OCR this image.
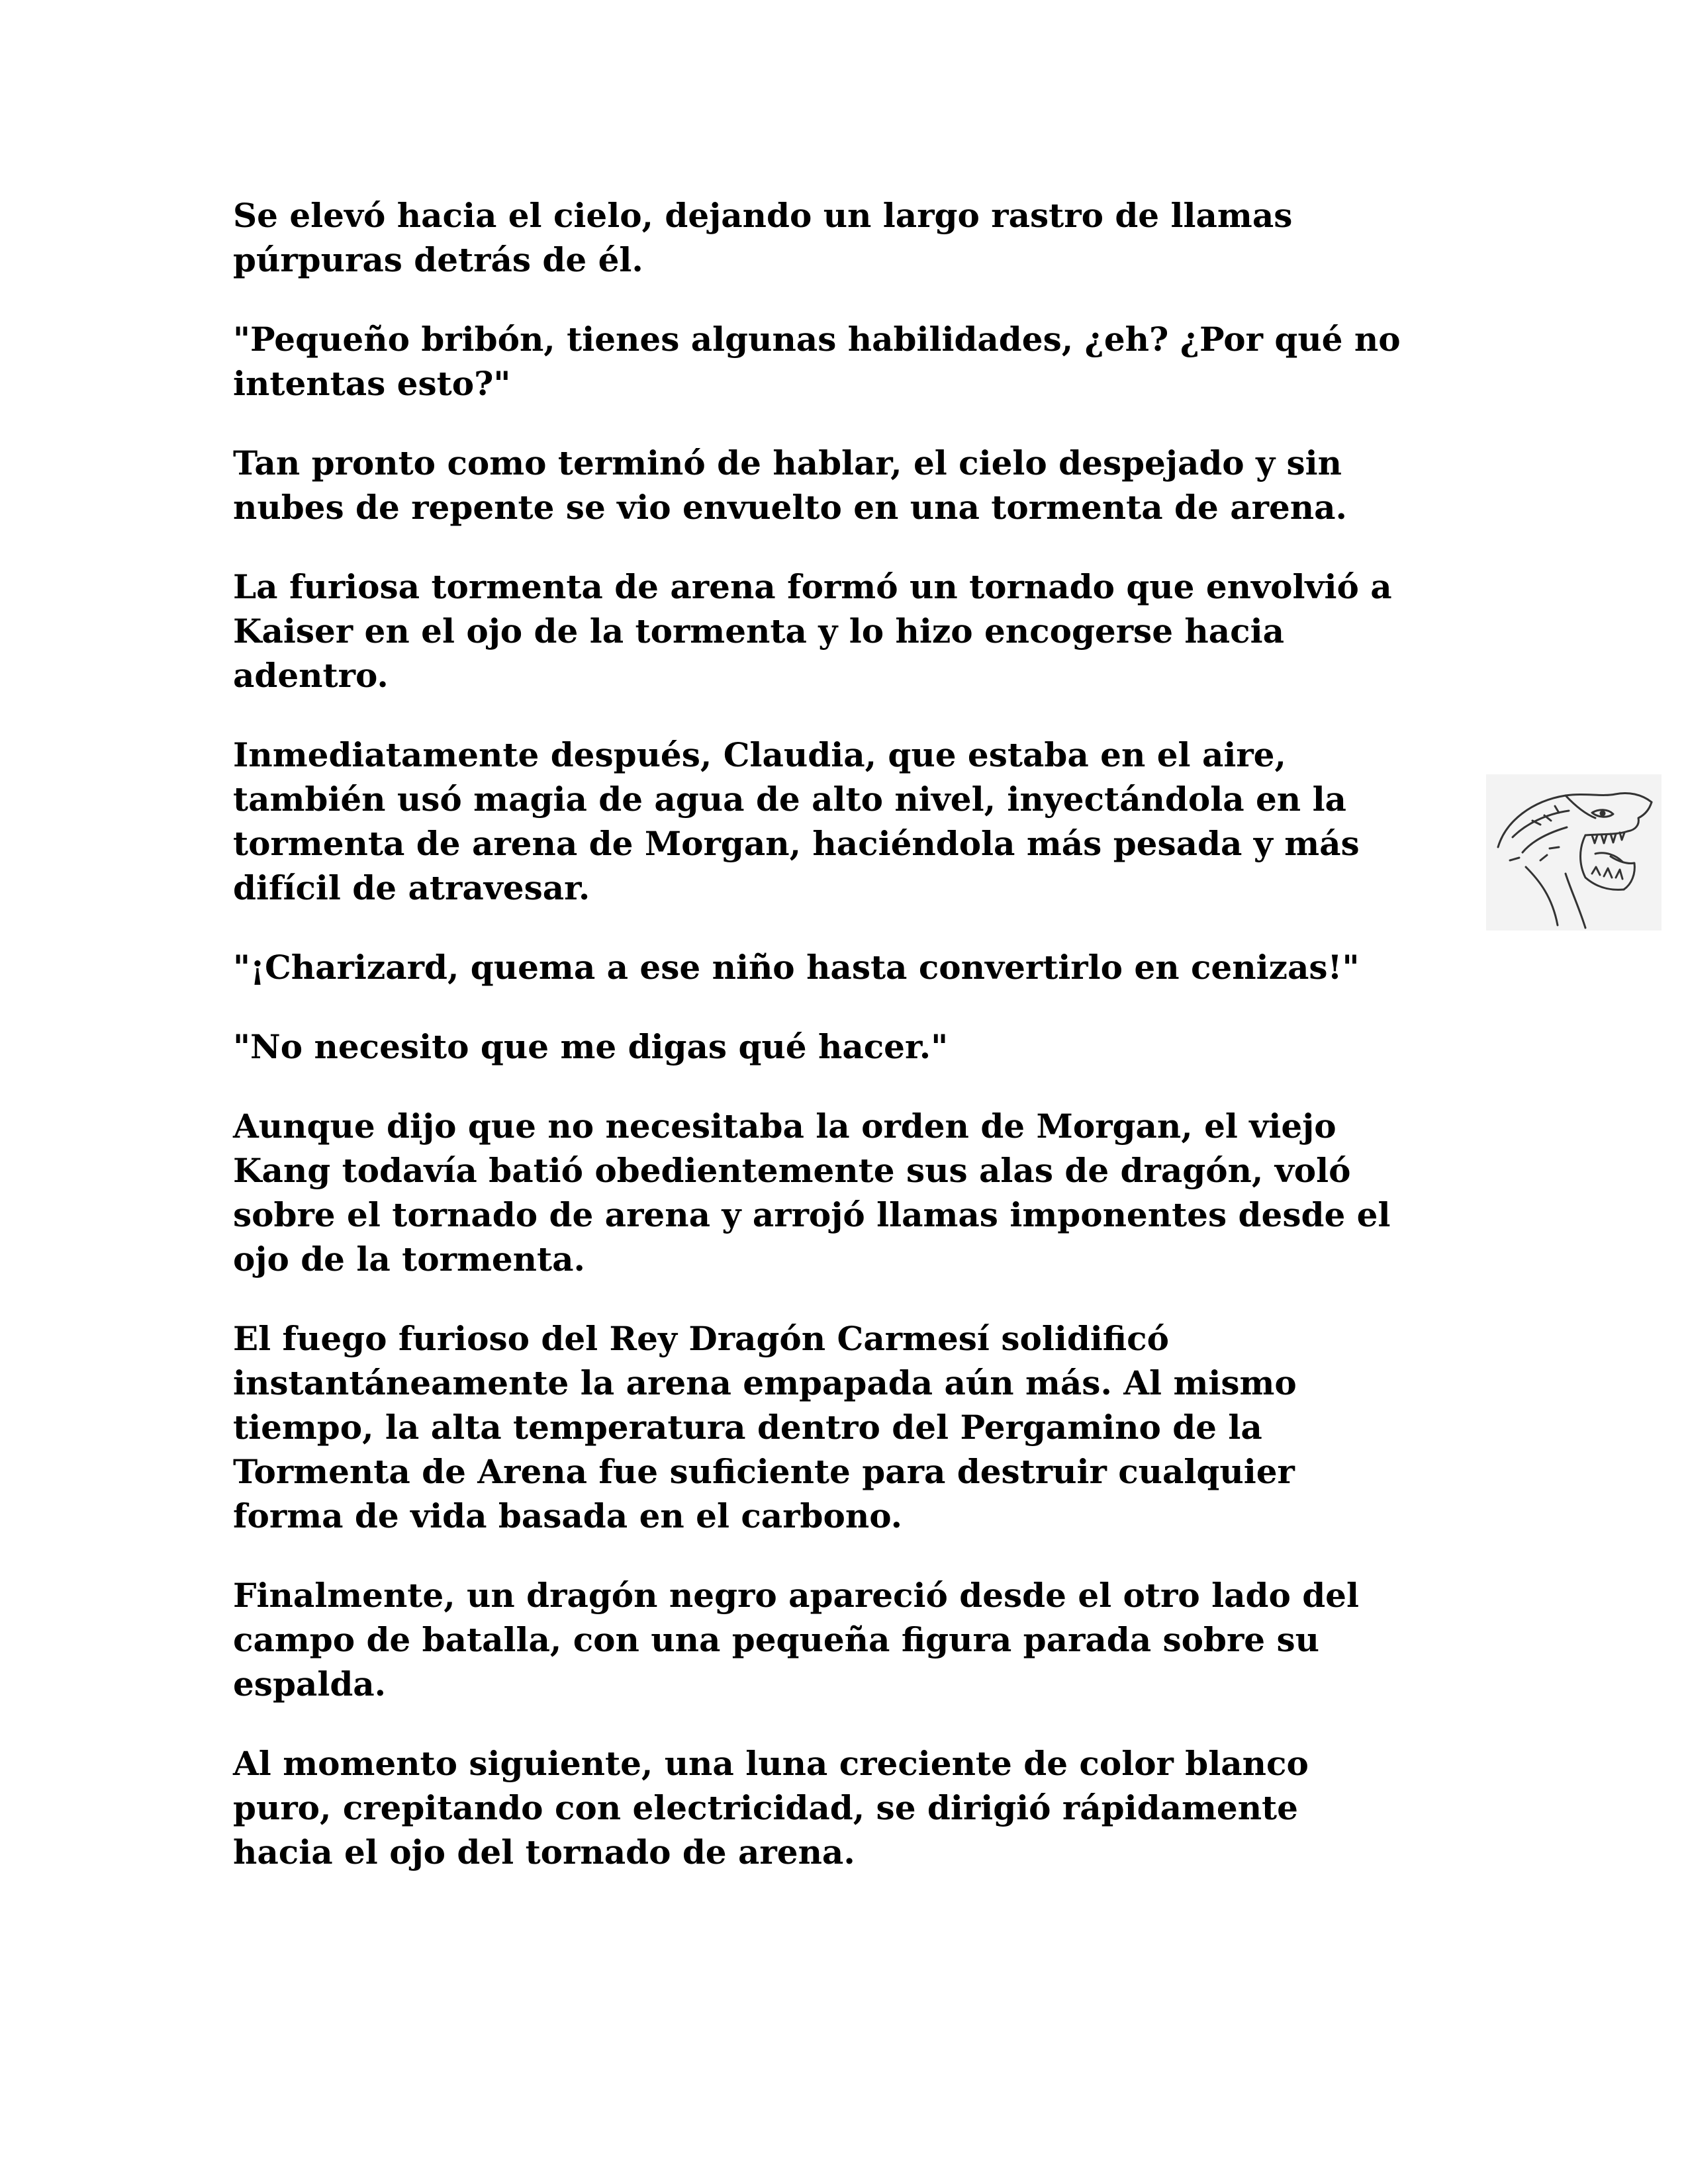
Se elevó hacia el cielo, dejando un largo rastro de llamas
púrpuras detrás de él.

"Pequeño bribón, tienes algunas habilidades, ¿eh? ¿Por qué no
intentas esto?"

Tan pronto como terminó de hablar, el cielo despejado y sin
nubes de repente se vio envuelto en una tormenta de arena.

La furiosa tormenta de arena formó un tornado que envolvió a
Kaiser en el ojo de la tormenta y lo hizo encogerse hacia
adentro.

Inmediatamente después, Claudia, que estaba en el aire,
también usó magia de agua de alto nivel, inyectándola en la
tormenta de arena de Morgan, haciéndola más pesada y más
difícil de atravesar.

"¡Charizard, quema a ese niño hasta convertirlo en cenizas!"

"No necesito que me digas qué hacer."

Aunque dijo que no necesitaba la orden de Morgan, el viejo
Kang todavía batió obedientemente sus alas de dragón, voló
sobre el tornado de arena y arrojó llamas imponentes desde el
ojo de la tormenta.

El fuego furioso del Rey Dragón Carmesí solidificó
instantáneamente la arena empapada aún más. Al mismo
tiempo, la alta temperatura dentro del Pergamino de la
Tormenta de Arena fue suficiente para destruir cualquier
forma de vida basada en el carbono.

Finalmente, un dragón negro apareció desde el otro lado del
campo de batalla, con una pequeña figura parada sobre su
espalda.

Al momento siguiente, una luna creciente de color blanco
puro, crepitando con electricidad, se dirigió rápidamente
hacia el ojo del tornado de arena.
